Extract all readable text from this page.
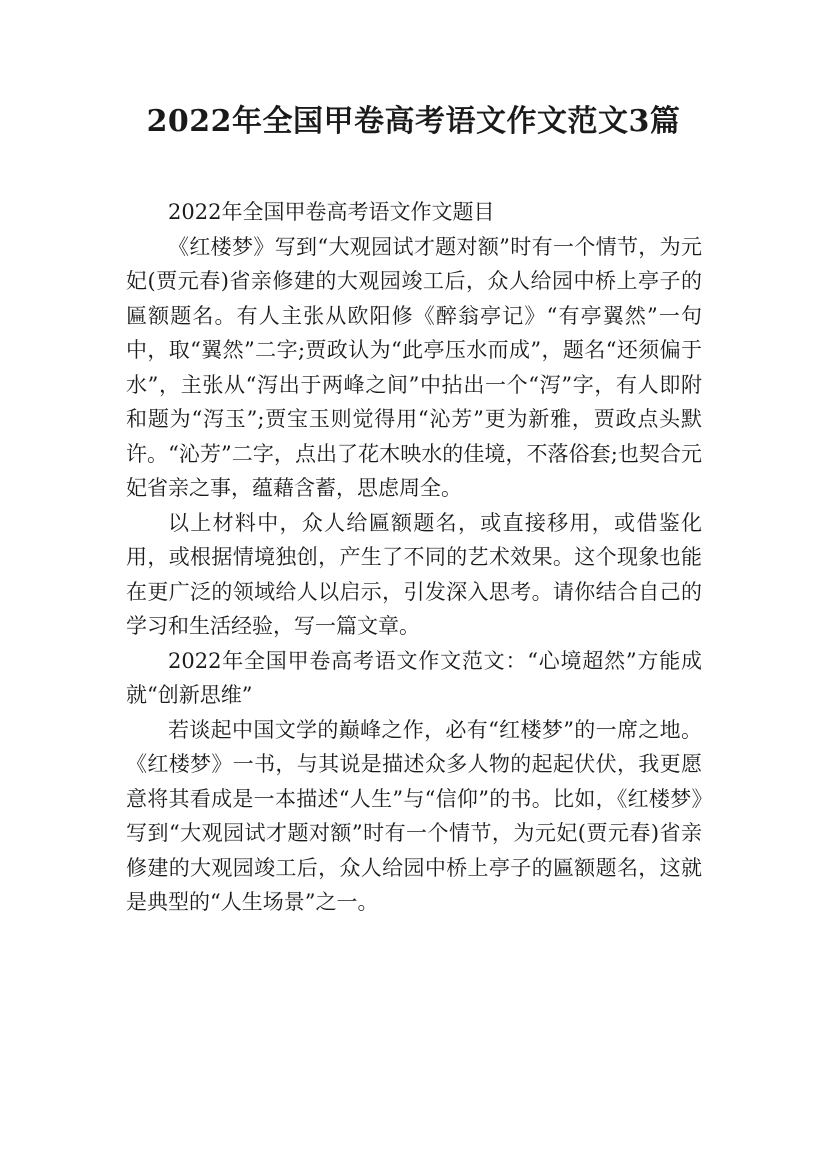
2022年全国甲卷高考语文作文范文3篇

2022年全国甲卷高考语文作文题目

《红楼梦》写到“大观园试才题对额”时有一个情节，为元妃(贾元春)省亲修建的大观园竣工后，众人给园中桥上亭子的匾额题名。有人主张从欧阳修《醉翁亭记》“有亭翼然”一句中，取“翼然”二字;贾政认为“此亭压水而成”，题名“还须偏于水”，主张从“泻出于两峰之间”中拈出一个“泻”字，有人即附和题为“泻玉”;贾宝玉则觉得用“沁芳”更为新雅，贾政点头默许。“沁芳”二字，点出了花木映水的佳境，不落俗套;也契合元妃省亲之事，蕴藉含蓄，思虑周全。

以上材料中，众人给匾额题名，或直接移用，或借鉴化用，或根据情境独创，产生了不同的艺术效果。这个现象也能在更广泛的领域给人以启示，引发深入思考。请你结合自己的学习和生活经验，写一篇文章。

2022年全国甲卷高考语文作文范文：“心境超然”方能成就“创新思维”

若谈起中国文学的巅峰之作，必有“红楼梦”的一席之地。《红楼梦》一书，与其说是描述众多人物的起起伏伏，我更愿意将其看成是一本描述“人生”与“信仰”的书。比如，《红楼梦》写到“大观园试才题对额”时有一个情节，为元妃(贾元春)省亲修建的大观园竣工后，众人给园中桥上亭子的匾额题名，这就是典型的“人生场景”之一。
